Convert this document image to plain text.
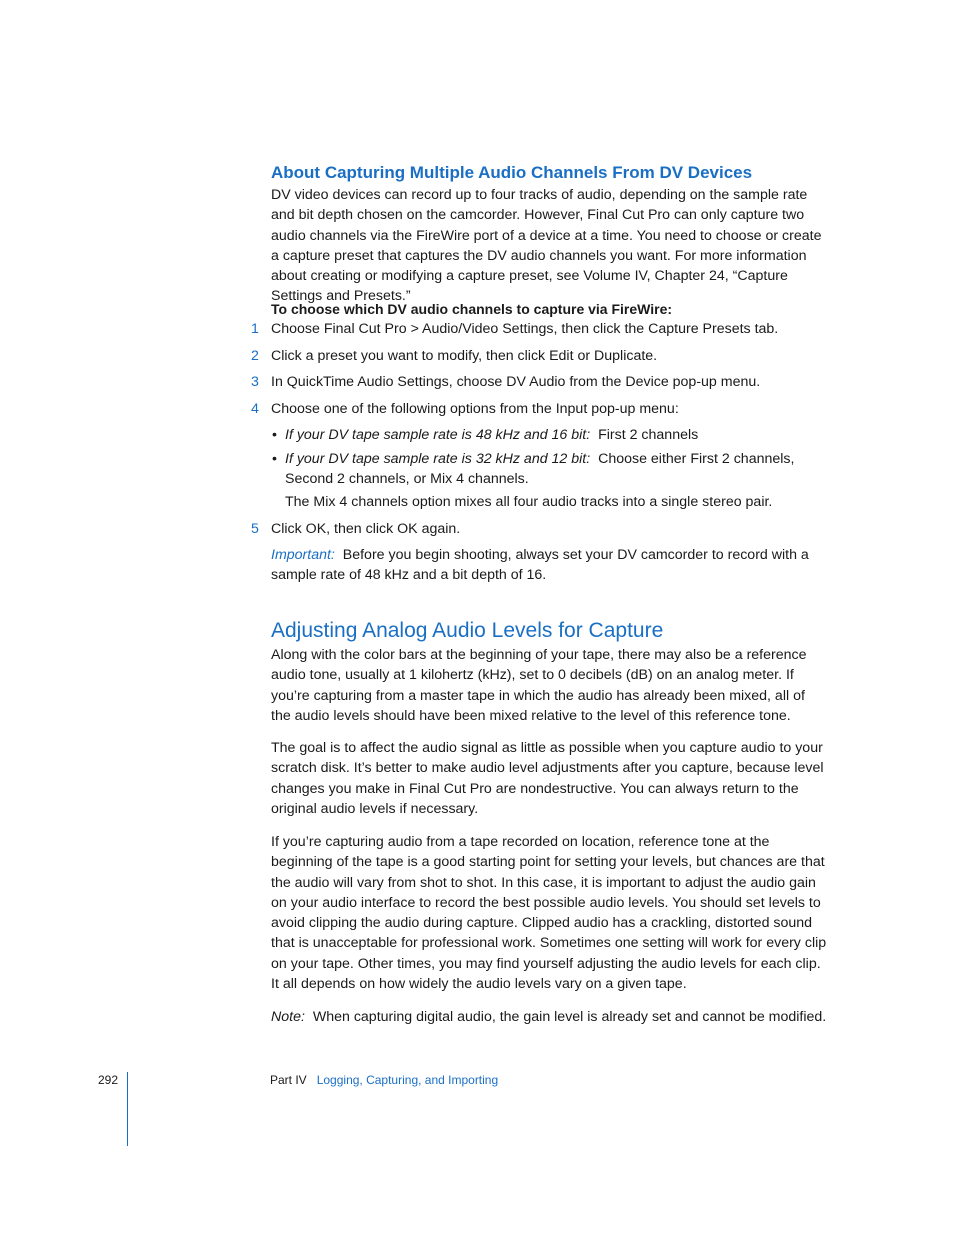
About Capturing Multiple Audio Channels From DV Devices

DV video devices can record up to four tracks of audio, depending on the sample rate and bit depth chosen on the camcorder. However, Final Cut Pro can only capture two audio channels via the FireWire port of a device at a time. You need to choose or create a capture preset that captures the DV audio channels you want. For more information about creating or modifying a capture preset, see Volume IV, Chapter 24, “Capture Settings and Presets.”

To choose which DV audio channels to capture via FireWire:
1 Choose Final Cut Pro > Audio/Video Settings, then click the Capture Presets tab.
2 Click a preset you want to modify, then click Edit or Duplicate.
3 In QuickTime Audio Settings, choose DV Audio from the Device pop-up menu.
4 Choose one of the following options from the Input pop-up menu:
• If your DV tape sample rate is 48 kHz and 16 bit: First 2 channels
• If your DV tape sample rate is 32 kHz and 12 bit: Choose either First 2 channels, Second 2 channels, or Mix 4 channels.
The Mix 4 channels option mixes all four audio tracks into a single stereo pair.
5 Click OK, then click OK again.
Important: Before you begin shooting, always set your DV camcorder to record with a sample rate of 48 kHz and a bit depth of 16.
Adjusting Analog Audio Levels for Capture

Along with the color bars at the beginning of your tape, there may also be a reference audio tone, usually at 1 kilohertz (kHz), set to 0 decibels (dB) on an analog meter. If you’re capturing from a master tape in which the audio has already been mixed, all of the audio levels should have been mixed relative to the level of this reference tone.

The goal is to affect the audio signal as little as possible when you capture audio to your scratch disk. It’s better to make audio level adjustments after you capture, because level changes you make in Final Cut Pro are nondestructive. You can always return to the original audio levels if necessary.

If you’re capturing audio from a tape recorded on location, reference tone at the beginning of the tape is a good starting point for setting your levels, but chances are that the audio will vary from shot to shot. In this case, it is important to adjust the audio gain on your audio interface to record the best possible audio levels. You should set levels to avoid clipping the audio during capture. Clipped audio has a crackling, distorted sound that is unacceptable for professional work. Sometimes one setting will work for every clip on your tape. Other times, you may find yourself adjusting the audio levels for each clip. It all depends on how widely the audio levels vary on a given tape.

Note: When capturing digital audio, the gain level is already set and cannot be modified.
292	Part IV Logging, Capturing, and Importing
